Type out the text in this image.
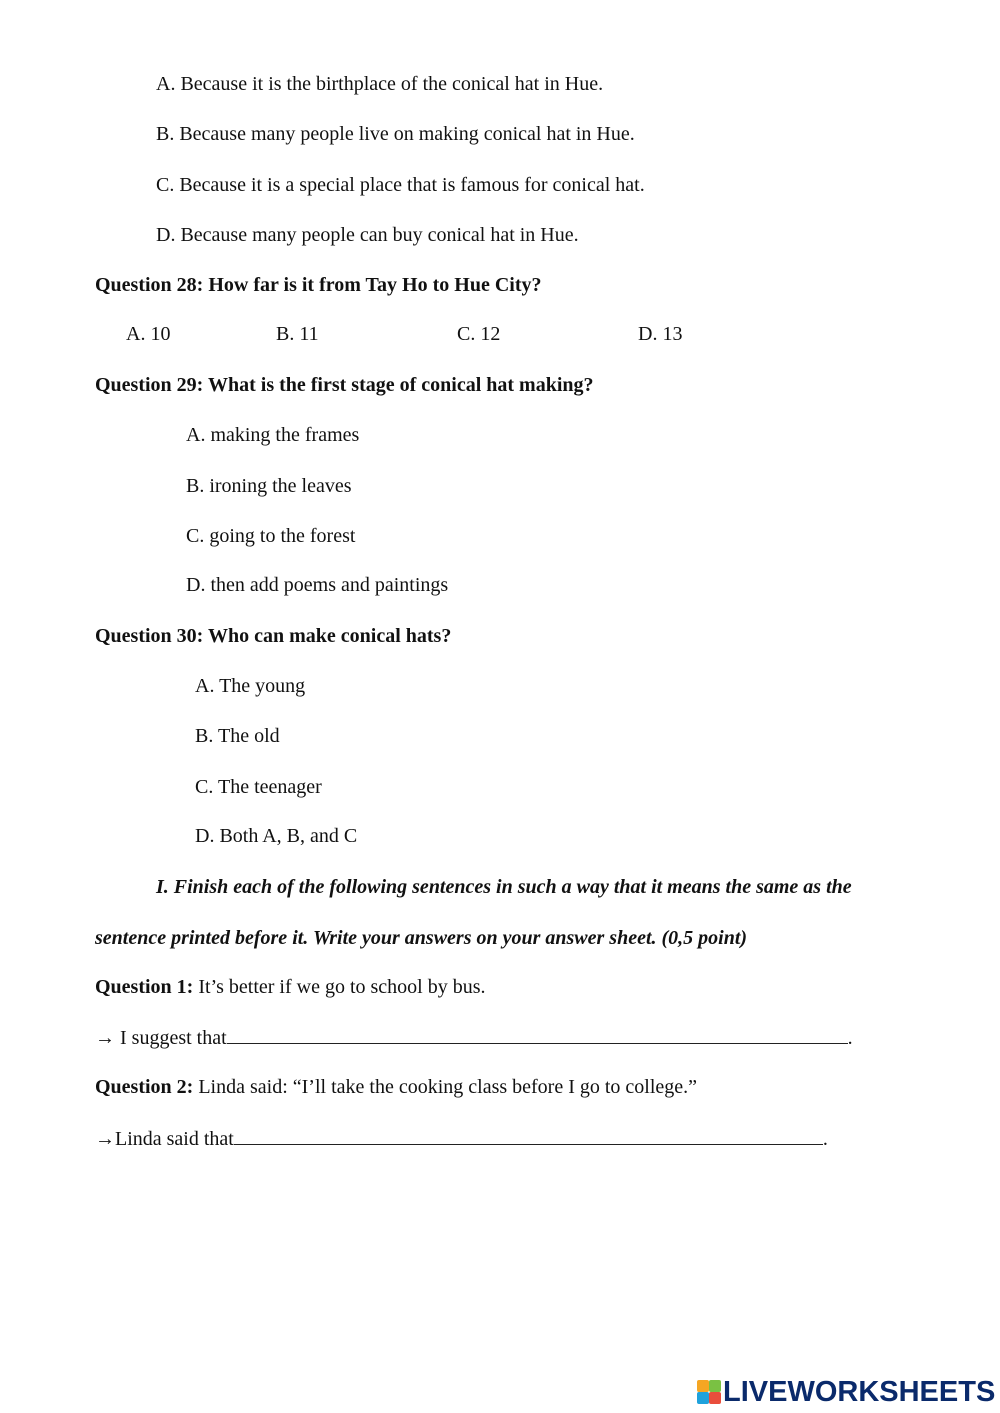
A. Because it is the birthplace of the conical hat in Hue.
B. Because many people live on making conical hat in Hue.
C. Because it is a special place that is famous for conical hat.
D. Because many people can buy conical hat in Hue.
Question 28: How far is it from Tay Ho to Hue City?
A. 10	B. 11	C. 12	D. 13
Question 29: What is the first stage of conical hat making?
A. making the frames
B. ironing the leaves
C. going to the forest
D. then add poems and paintings
Question 30: Who can make conical hats?
A. The young
B. The old
C. The teenager
D. Both A, B, and C
I. Finish each of the following sentences in such a way that it means the same as the
sentence printed before it. Write your answers on your answer sheet. (0,5 point)
Question 1: It’s better if we go to school by bus.
→ I suggest that	.
Question 2: Linda said: “I’ll take the cooking class before I go to college.”
→Linda said that	.
LIVEWORKSHEETS
